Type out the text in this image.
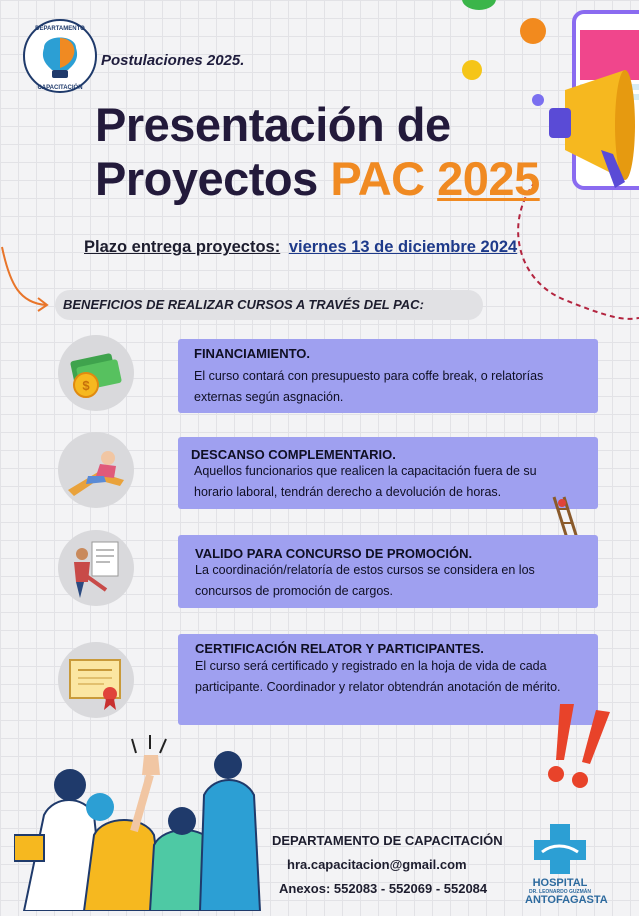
DEPARTAMENTO
CAPACITACIÓN
Postulaciones 2025.
Presentación de
Proyectos PAC 2025
Plazo entrega proyectos: viernes 13 de diciembre 2024
BENEFICIOS DE REALIZAR CURSOS A TRAVÉS DEL PAC:
$
FINANCIAMIENTO.
El curso contará con presupuesto para coffe break, o relatorías externas según asgnación.
DESCANSO COMPLEMENTARIO.
Aquellos funcionarios que realicen la capacitación fuera de su horario laboral, tendrán derecho a devolución de horas.
VALIDO PARA CONCURSO DE PROMOCIÓN.
La coordinación/relatoría de estos cursos se considera en los concursos de promoción de cargos.
CERTIFICACIÓN RELATOR Y PARTICIPANTES.
El curso será certificado y registrado en la hoja de vida de cada participante. Coordinador y relator obtendrán anotación de mérito.
DEPARTAMENTO DE CAPACITACIÓN
hra.capacitacion@gmail.com
Anexos: 552083 - 552069 - 552084	HOSPITAL
DR. LEONARDO GUZMÁN
ANTOFAGASTA
